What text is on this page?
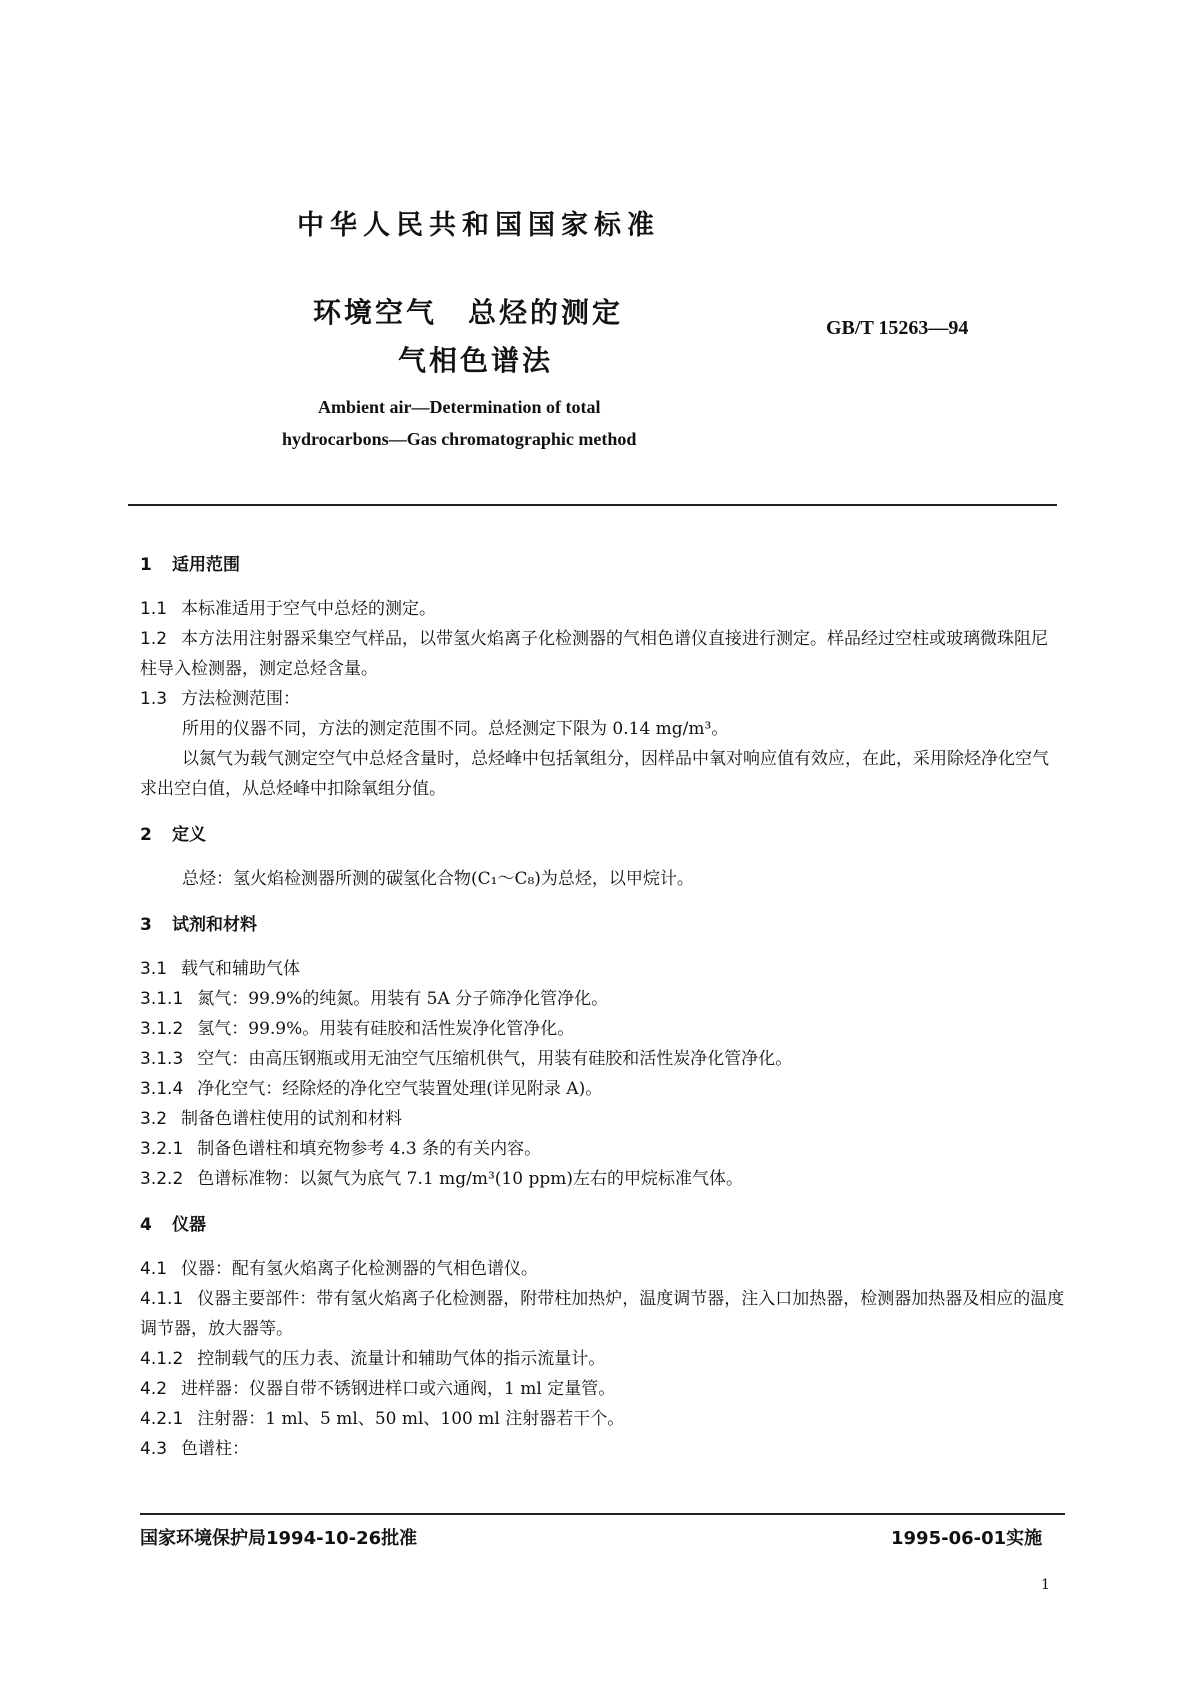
中华人民共和国国家标准
环境空气　总烃的测定
气相色谱法
GB/T 15263—94
Ambient air—Determination of total
hydrocarbons—Gas chromatographic method
1 适用范围

1.1 本标准适用于空气中总烃的测定。

1.2 本方法用注射器采集空气样品，以带氢火焰离子化检测器的气相色谱仪直接进行测定。样品经过空柱或玻璃微珠阻尼柱导入检测器，测定总烃含量。

1.3 方法检测范围：

所用的仪器不同，方法的测定范围不同。总烃测定下限为 0.14 mg/m³。

以氮气为载气测定空气中总烃含量时，总烃峰中包括氧组分，因样品中氧对响应值有效应，在此，采用除烃净化空气求出空白值，从总烃峰中扣除氧组分值。

2 定义

总烃：氢火焰检测器所测的碳氢化合物(C₁～C₈)为总烃，以甲烷计。

3 试剂和材料

3.1 载气和辅助气体

3.1.1 氮气：99.9%的纯氮。用装有 5A 分子筛净化管净化。

3.1.2 氢气：99.9%。用装有硅胶和活性炭净化管净化。

3.1.3 空气：由高压钢瓶或用无油空气压缩机供气，用装有硅胶和活性炭净化管净化。

3.1.4 净化空气：经除烃的净化空气装置处理(详见附录 A)。

3.2 制备色谱柱使用的试剂和材料

3.2.1 制备色谱柱和填充物参考 4.3 条的有关内容。

3.2.2 色谱标准物：以氮气为底气 7.1 mg/m³(10 ppm)左右的甲烷标准气体。

4 仪器

4.1 仪器：配有氢火焰离子化检测器的气相色谱仪。

4.1.1 仪器主要部件：带有氢火焰离子化检测器，附带柱加热炉，温度调节器，注入口加热器，检测器加热器及相应的温度调节器，放大器等。

4.1.2 控制载气的压力表、流量计和辅助气体的指示流量计。

4.2 进样器：仪器自带不锈钢进样口或六通阀，1 ml 定量管。

4.2.1 注射器：1 ml、5 ml、50 ml、100 ml 注射器若干个。

4.3 色谱柱：

国家环境保护局1994-10-26批准	1995-06-01实施
1
